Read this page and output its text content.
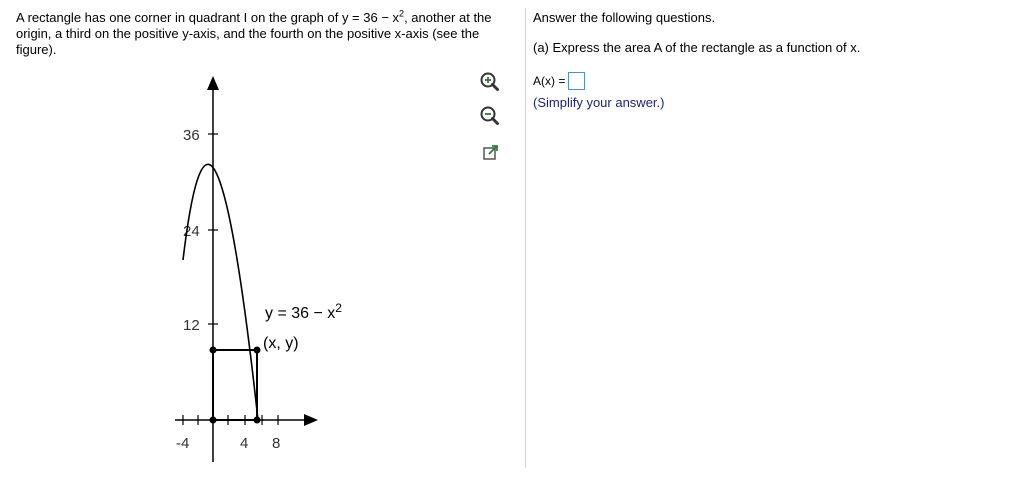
A rectangle has one corner in quadrant I on the graph of $y = 36 - x^2$, another at the origin, a third on the positive y-axis, and the fourth on the positive x-axis (see the figure).
36
24
12
-4	4 8
$y = 36 - x^2$
(x, y)
Answer the following questions.
(a) Express the area A of the rectangle as a function of x.
A(x) =
(Simplify your answer.)
